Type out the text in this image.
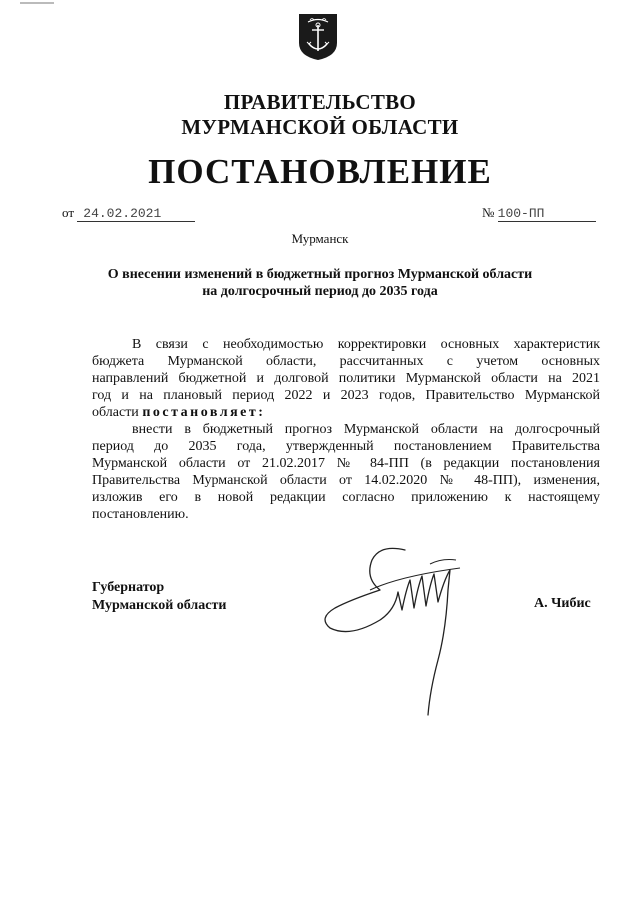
ПРАВИТЕЛЬСТВО
МУРМАНСКОЙ ОБЛАСТИ
ПОСТАНОВЛЕНИЕ
от 24.02.2021	№ 100-ПП
Мурманск
О внесении изменений в бюджетный прогноз Мурманской области
на долгосрочный период до 2035 года
В связи с необходимостью корректировки основных характеристик
бюджета Мурманской области, рассчитанных с учетом основных
направлений бюджетной и долговой политики Мурманской области на 2021
год и на плановый период 2022 и 2023 годов, Правительство Мурманской
области постановляет:
внести в бюджетный прогноз Мурманской области на долгосрочный
период до 2035 года, утвержденный постановлением Правительства
Мурманской области от 21.02.2017 № 84-ПП (в редакции постановления
Правительства Мурманской области от 14.02.2020 № 48-ПП), изменения,
изложив его в новой редакции согласно приложению к настоящему
постановлению.
Губернатор
Мурманской области	А. Чибис
